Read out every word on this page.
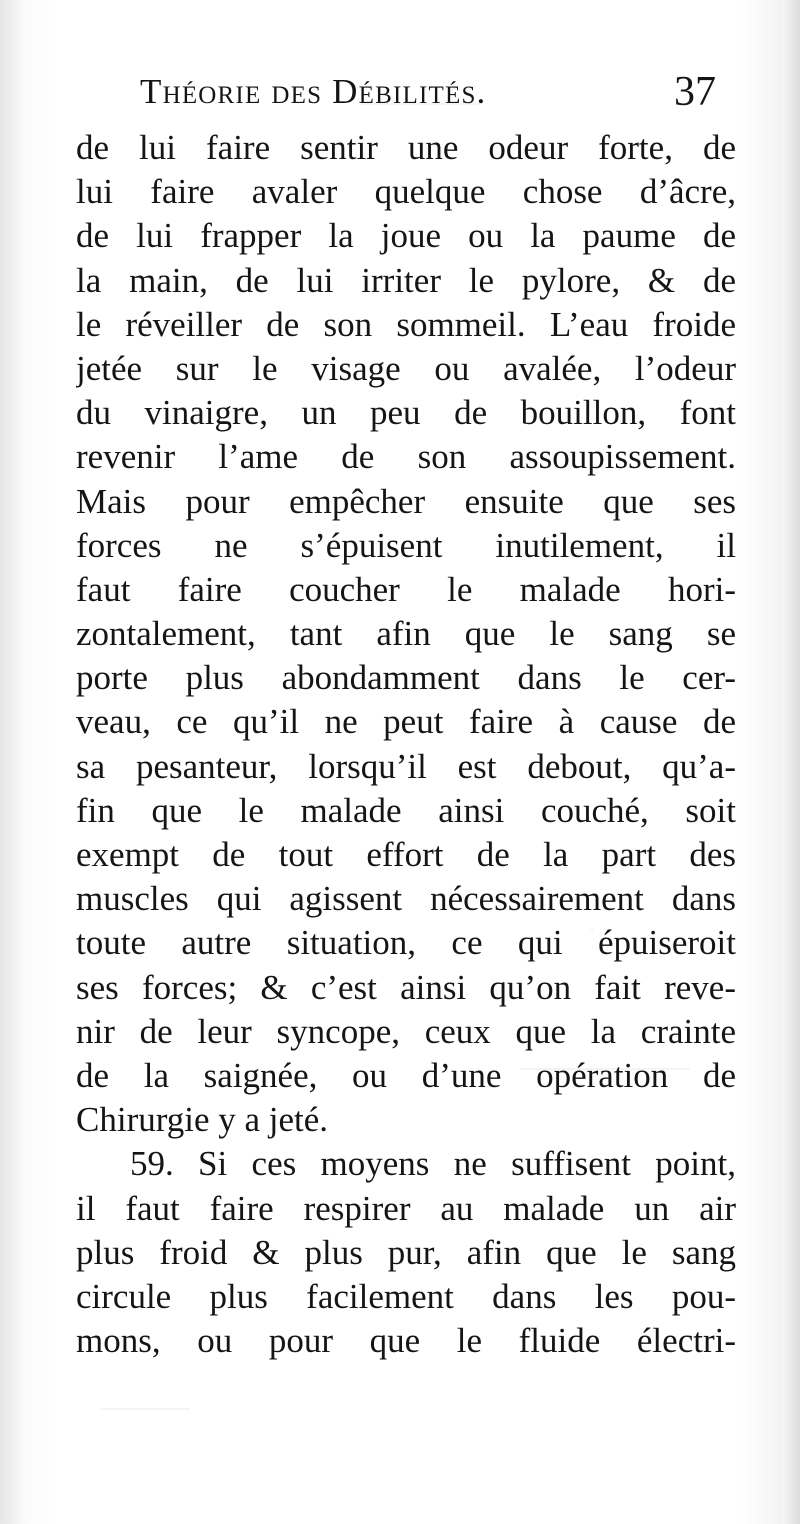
Théorie des Débilités.	37
de lui faire sentir une odeur forte, de
lui faire avaler quelque chose d’âcre,
de lui frapper la joue ou la paume de
la main, de lui irriter le pylore, & de
le réveiller de son sommeil. L’eau froide
jetée sur le visage ou avalée, l’odeur
du vinaigre, un peu de bouillon, font
revenir l’ame de son assoupissement.
Mais pour empêcher ensuite que ses
forces ne s’épuisent inutilement, il
faut faire coucher le malade hori-
zontalement, tant afin que le sang se
porte plus abondamment dans le cer-
veau, ce qu’il ne peut faire à cause de
sa pesanteur, lorsqu’il est debout, qu’a-
fin que le malade ainsi couché, soit
exempt de tout effort de la part des
muscles qui agissent nécessairement dans
toute autre situation, ce qui épuiseroit
ses forces; & c’est ainsi qu’on fait reve-
nir de leur syncope, ceux que la crainte
de la saignée, ou d’une opération de
Chirurgie y a jeté.
59. Si ces moyens ne suffisent point,
il faut faire respirer au malade un air
plus froid & plus pur, afin que le sang
circule plus facilement dans les pou-
mons, ou pour que le fluide électri-
